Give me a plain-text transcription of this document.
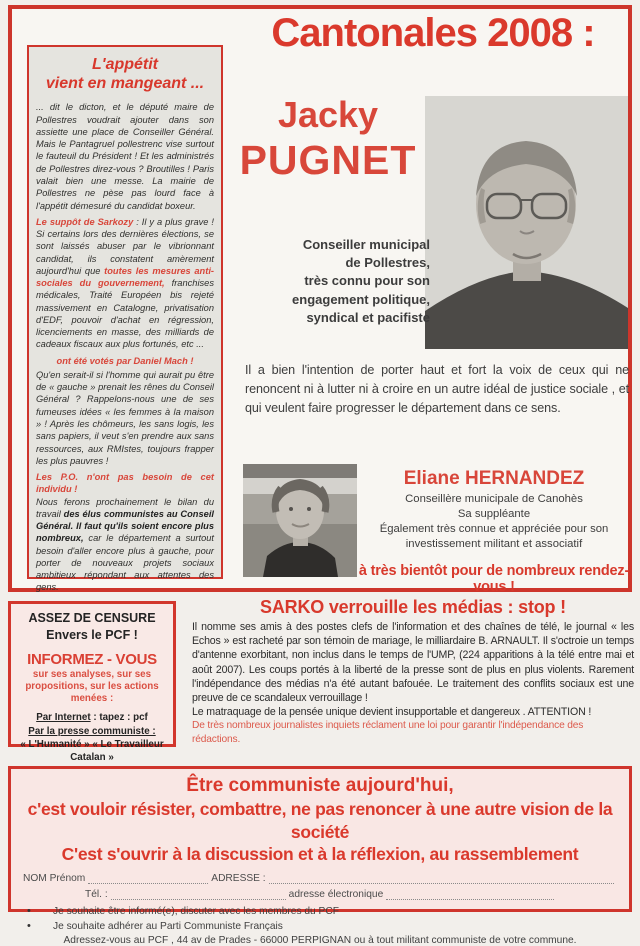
Cantonales 2008 :
L'appétit
vient en mangeant ...

... dit le dicton, et le député maire de Pollestres voudrait ajouter dans son assiette une place de Conseiller Général. Mais le Pantagruel pollestrenc vise surtout le fauteuil du Président ! Et les administrés de Pollestres direz-vous ? Broutilles ! Paris valait bien une messe. La mairie de Pollestres ne pèse pas lourd face à l'appétit démesuré du candidat boxeur.

Le suppôt de Sarkozy : Il y a plus grave ! Si certains lors des dernières élections, se sont laissés abuser par le vibrionnant candidat, ils constatent amèrement aujourd'hui que toutes les mesures anti-sociales du gouvernement, franchises médicales, Traité Européen bis rejeté massivement en Catalogne, privatisation d'EDF, pouvoir d'achat en régression, licenciements en masse, des milliards de cadeaux fiscaux aux plus fortunés, etc ...

ont été votés par Daniel Mach !

Qu'en serait-il si l'homme qui aurait pu être de « gauche » prenait les rênes du Conseil Général ? Rappelons-nous une de ses fumeuses idées « les femmes à la maison » ! Après les chômeurs, les sans logis, les sans papiers, il veut s'en prendre aux sans ressources, aux RMIstes, toujours frapper les plus pauvres !

Les P.O. n'ont pas besoin de cet individu !

Nous ferons prochainement le bilan du travail des élus communistes au Conseil Général. Il faut qu'ils soient encore plus nombreux, car le département a surtout besoin d'aller encore plus à gauche, pour porter de nouveaux projets sociaux ambitieux répondant aux attentes des gens.

Jacky
PUGNET
Conseiller municipal
de Pollestres,
très connu pour son
engagement politique,
syndical et pacifiste
Il a bien l'intention de porter haut et fort la voix de ceux qui ne renoncent ni à lutter ni à croire en un autre idéal de justice sociale , et qui veulent faire progresser le département dans ce sens.
Eliane HERNANDEZ
Conseillère municipale de Canohès
Sa suppléante
Également très connue et appréciée pour son
investissement militant et associatif
à très bientôt pour de nombreux rendez-vous !
ASSEZ DE CENSURE
Envers le PCF !
INFORMEZ - VOUS
sur ses analyses, sur ses propositions, sur les actions menées :
Par Internet : tapez : pcf
Par la presse communiste :
« L'Humanité » « Le Travailleur Catalan »
SARKO verrouille les médias : stop !

Il nomme ses amis à des postes clefs de l'information et des chaînes de télé, le journal « les Echos » est racheté par son témoin de mariage, le milliardaire B. ARNAULT. Il s'octroie un temps d'antenne exorbitant, non inclus dans le temps de l'UMP, (224 apparitions à la télé entre mai et août 2007). Les coups portés à la liberté de la presse sont de plus en plus violents. Rarement l'indépendance des médias n'a été autant bafouée. Le traitement des conflits sociaux est une preuve de ce scandaleux verrouillage !

Le matraquage de la pensée unique devient insupportable et dangereux . ATTENTION !

De très nombreux journalistes inquiets réclament une loi pour garantir l'indépendance des rédactions.

Être communiste aujourd'hui,
c'est vouloir résister, combattre, ne pas renoncer à une autre vision de la société
C'est s'ouvrir à la discussion et à la réflexion, au rassemblement
NOM Prénom	ADRESSE :
Tél. :	adresse électronique
•	Je souhaite être informé(e), discuter avec les membres du PCF
•	Je souhaite adhérer au Parti Communiste Français
Adressez-vous au PCF , 44 av de Prades - 66000 PERPIGNAN ou à tout militant communiste de votre commune.
